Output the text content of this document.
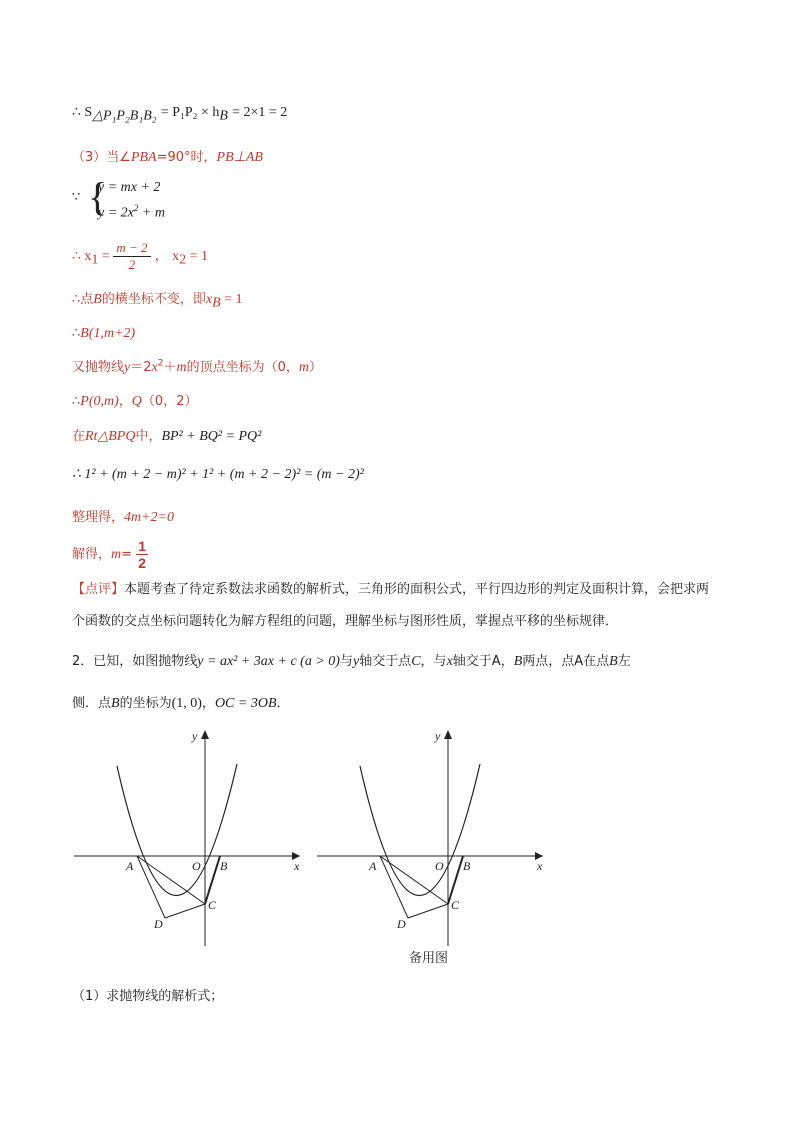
∴ $S_{\triangle P_1P_2B_1B_2} = P_1P_2 \times h_B = 2\times 1 = 2$
（3）当∠PBA=90°时，PB⊥AB
∵ {
y = mx + 2
$y = 2x^2 + m$
∴ $x_1 = \frac{m - 2}{2}$ ， $x_2 = 1$
∴点B的横坐标不变，即$x_B = 1$
∴B(1,m+2)
又抛物线$y=2x^2+m$的顶点坐标为（0，m）
∴P(0,m)，Q（0，2）
在Rt△BPQ中，BP² + BQ² = PQ²
∴ 1² + (m + 2 − m)² + 1² + (m + 2 − 2)² = (m − 2)²
整理得，4m+2=0
解得，$m= \frac{1}{2}$
【点评】本题考查了待定系数法求函数的解析式，三角形的面积公式，平行四边形的判定及面积计算，会把求两个函数的交点坐标问题转化为解方程组的问题，理解坐标与图形性质，掌握点平移的坐标规律．
2．已知，如图抛物线y = ax² + 3ax + c (a > 0)与y轴交于点C，与x轴交于A，B两点，点A在点B左
侧．点B的坐标为(1, 0)，OC = 3OB．
y
x
O
A	B
C
D
y
x
O
A	B
C
D
备用图
（1）求抛物线的解析式；
